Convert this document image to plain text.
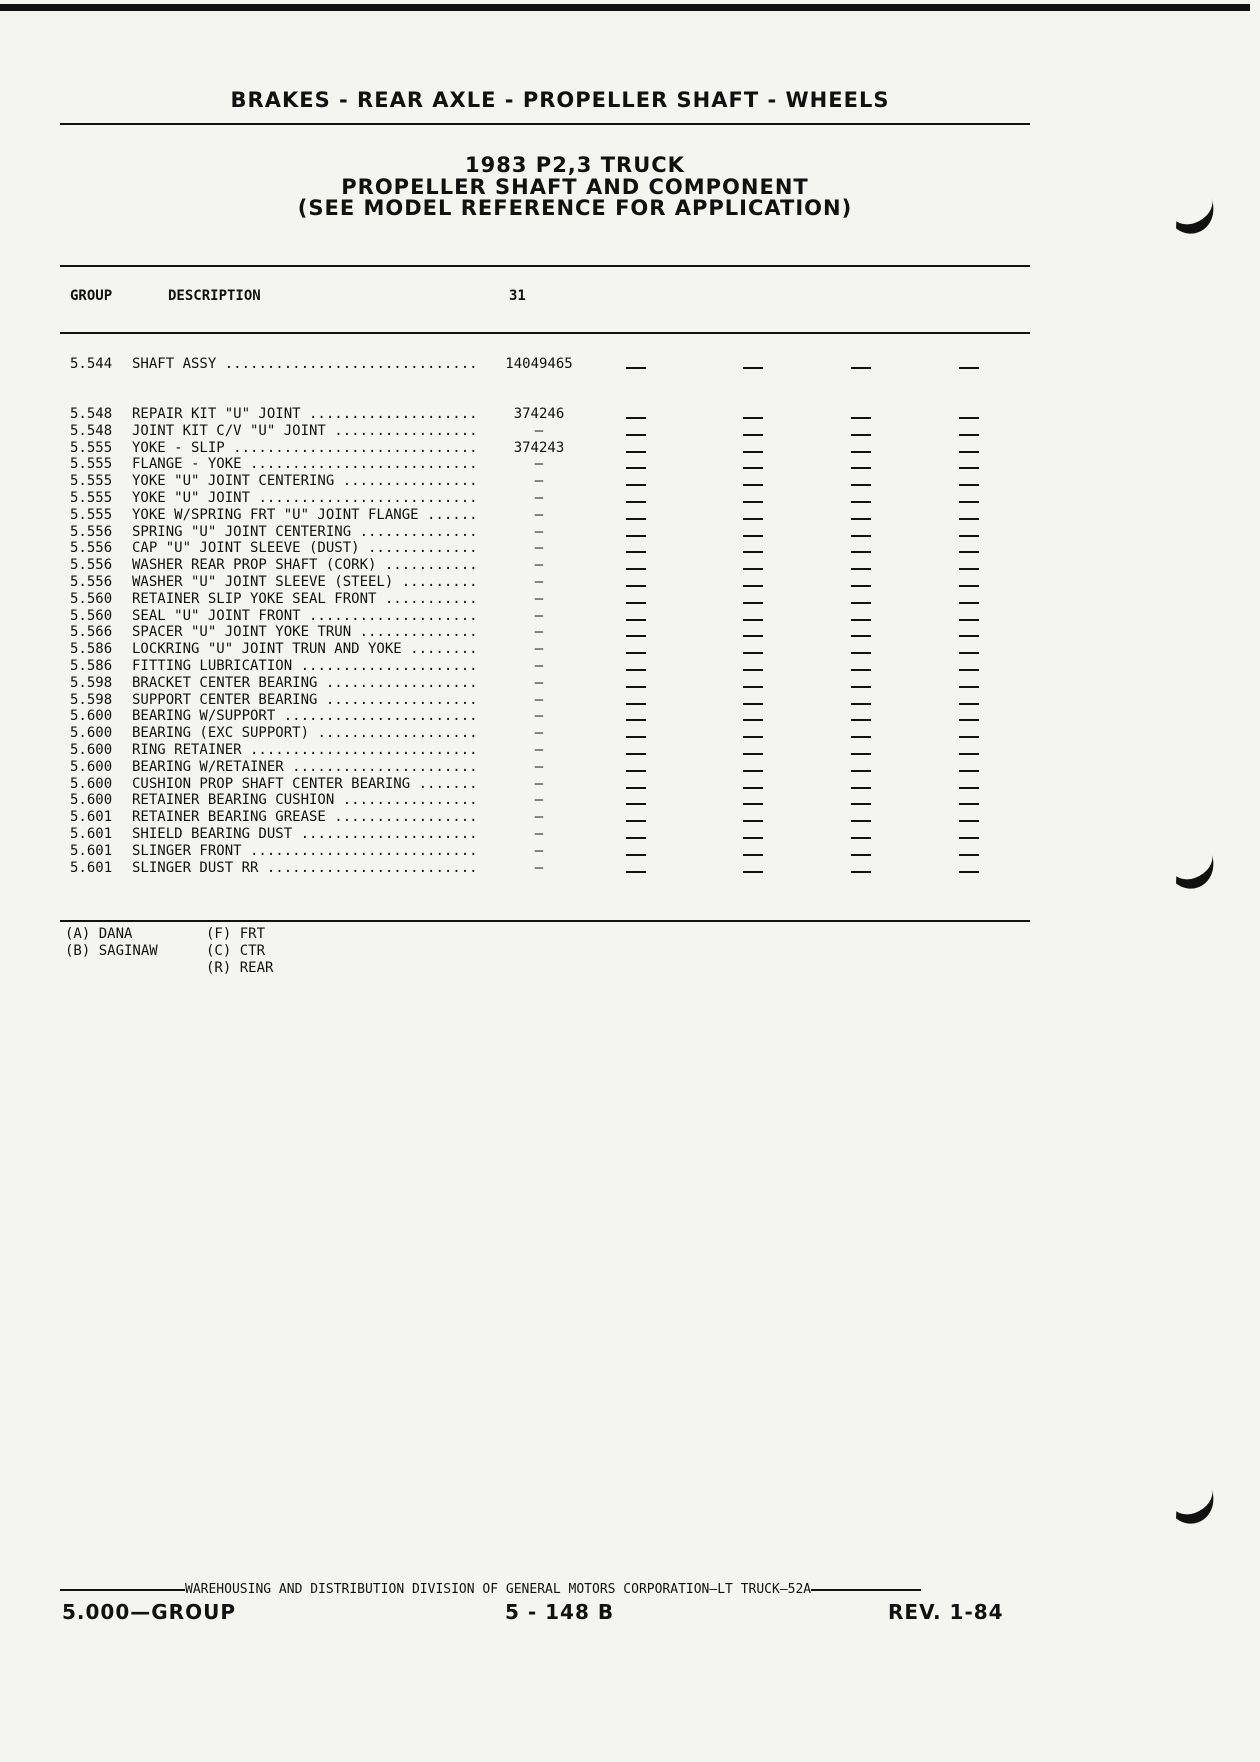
BRAKES - REAR AXLE - PROPELLER SHAFT - WHEELS
1983 P2,3 TRUCK
PROPELLER SHAFT AND COMPONENT
(SEE MODEL REFERENCE FOR APPLICATION)
GROUP	DESCRIPTION	31
5.544	SHAFT ASSY .....	14049465
5.548	REPAIR KIT "U" JOINT .....	374246
5.548	JOINT KIT C/V "U" JOINT .....	—
5.555	YOKE - SLIP .....	374243
5.555	FLANGE - YOKE .....	—
5.555	YOKE "U" JOINT CENTERING .....	—
5.555	YOKE "U" JOINT .....	—
5.555	YOKE W/SPRING FRT "U" JOINT FLANGE .....	—
5.556	SPRING "U" JOINT CENTERING .....	—
5.556	CAP "U" JOINT SLEEVE (DUST) .....	—
5.556	WASHER REAR PROP SHAFT (CORK) .....	—
5.556	WASHER "U" JOINT SLEEVE (STEEL) .....	—
5.560	RETAINER SLIP YOKE SEAL FRONT .....	—
5.560	SEAL "U" JOINT FRONT .....	—
5.566	SPACER "U" JOINT YOKE TRUN .....	—
5.586	LOCKRING "U" JOINT TRUN AND YOKE .....	—
5.586	FITTING LUBRICATION .....	—
5.598	BRACKET CENTER BEARING .....	—
5.598	SUPPORT CENTER BEARING .....	—
5.600	BEARING W/SUPPORT .....	—
5.600	BEARING (EXC SUPPORT) .....	—
5.600	RING RETAINER .....	—
5.600	BEARING W/RETAINER .....	—
5.600	CUSHION PROP SHAFT CENTER BEARING .....	—
5.600	RETAINER BEARING CUSHION .....	—
5.601	RETAINER BEARING GREASE .....	—
5.601	SHIELD BEARING DUST .....	—
5.601	SLINGER FRONT .....	—
5.601	SLINGER DUST RR .....	—
(A) DANA
(B) SAGINAW
(F) FRT
(C) CTR
(R) REAR
WAREHOUSING AND DISTRIBUTION DIVISION OF GENERAL MOTORS CORPORATION—LT TRUCK—52A
5.000—GROUP	5 - 148 B	REV. 1-84
